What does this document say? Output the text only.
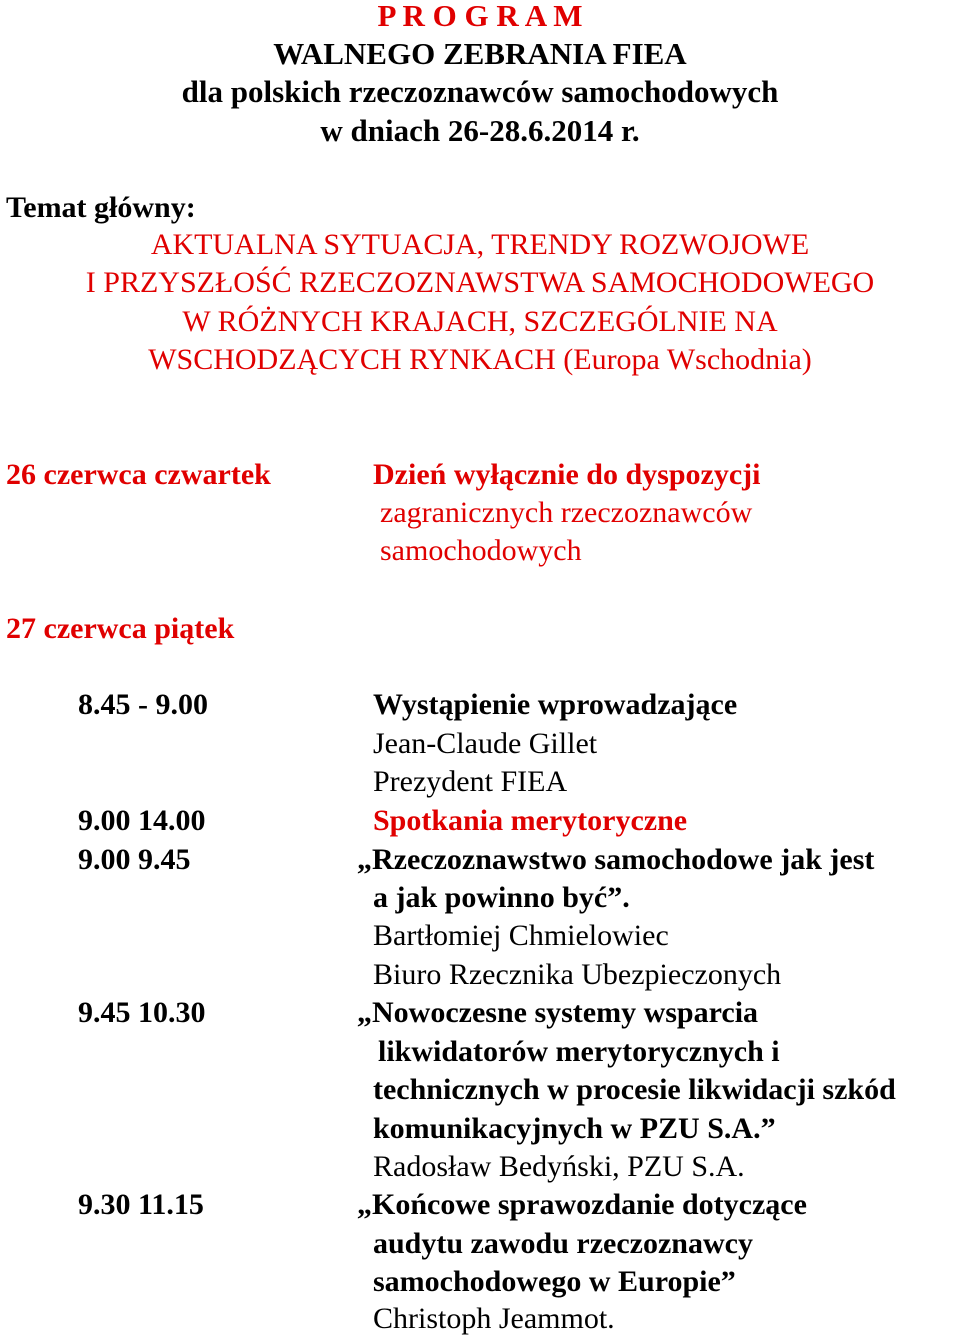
P R O G R A M
WALNEGO ZEBRANIA FIEA
dla polskich rzeczoznawców samochodowych
w dniach 26-28.6.2014 r.
Temat główny:
AKTUALNA SYTUACJA, TRENDY ROZWOJOWE
I PRZYSZŁOŚĆ RZECZOZNAWSTWA SAMOCHODOWEGO
W RÓŻNYCH KRAJACH, SZCZEGÓLNIE NA
WSCHODZĄCYCH RYNKACH (Europa Wschodnia)
26 czerwca czwartek	Dzień wyłącznie do dyspozycji
zagranicznych rzeczoznawców
samochodowych
27 czerwca piątek
8.45 - 9.00	Wystąpienie wprowadzające
Jean-Claude Gillet
Prezydent FIEA
9.00 14.00	Spotkania merytoryczne
9.00 9.45	„Rzeczoznawstwo samochodowe jak jest
a jak powinno być”.
Bartłomiej Chmielowiec
Biuro Rzecznika Ubezpieczonych
9.45 10.30	„Nowoczesne systemy wsparcia
likwidatorów merytorycznych i
technicznych w procesie likwidacji szkód
komunikacyjnych w PZU S.A.”
Radosław Bedyński, PZU S.A.
9.30 11.15	„Końcowe sprawozdanie dotyczące
audytu zawodu rzeczoznawcy
samochodowego w Europie”
Christoph Jeammot.
